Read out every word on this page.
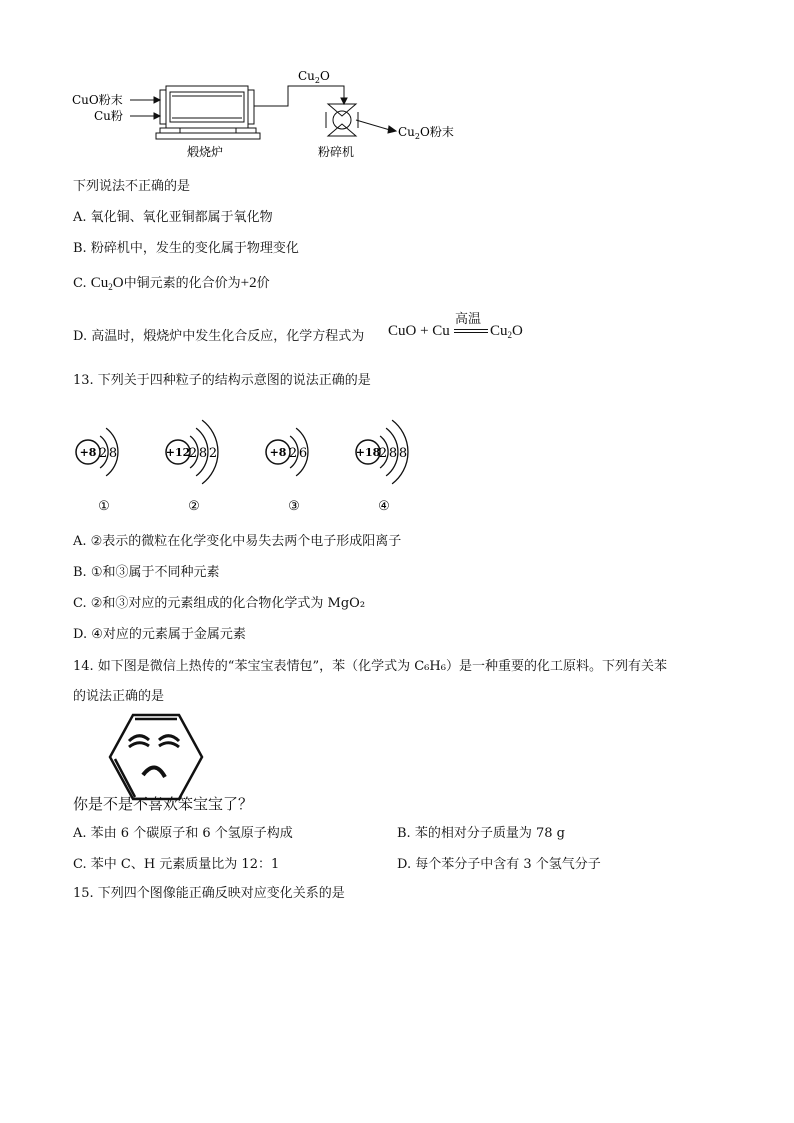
CuO粉末
Cu粉
煅烧炉
$Cu_2O$
$Cu_2O$粉末
粉碎机
下列说法不正确的是
A. 氧化铜、氧化亚铜都属于氧化物
B. 粉碎机中，发生的变化属于物理变化
C. $Cu_2O$中铜元素的化合价为+2价
D. 高温时，煅烧炉中发生化合反应，化学方程式为 CuO + Cu
高温
$Cu_2O$
13. 下列关于四种粒子的结构示意图的说法正确的是
+8 2 8
①
+12
2 8 2
②
+8 2 6
③
+18
2 8 8
④
A. ②表示的微粒在化学变化中易失去两个电子形成阳离子
B. ①和③属于不同种元素
C. ②和③对应的元素组成的化合物化学式为 MgO₂
D. ④对应的元素属于金属元素
14. 如下图是微信上热传的“苯宝宝表情包”，苯（化学式为 C₆H₆）是一种重要的化工原料。下列有关苯
的说法正确的是
你是不是不喜欢笨宝宝了？
A. 苯由 6 个碳原子和 6 个氢原子构成	B. 苯的相对分子质量为 78 g
C. 苯中 C、H 元素质量比为 12：1	D. 每个苯分子中含有 3 个氢气分子
15. 下列四个图像能正确反映对应变化关系的是
